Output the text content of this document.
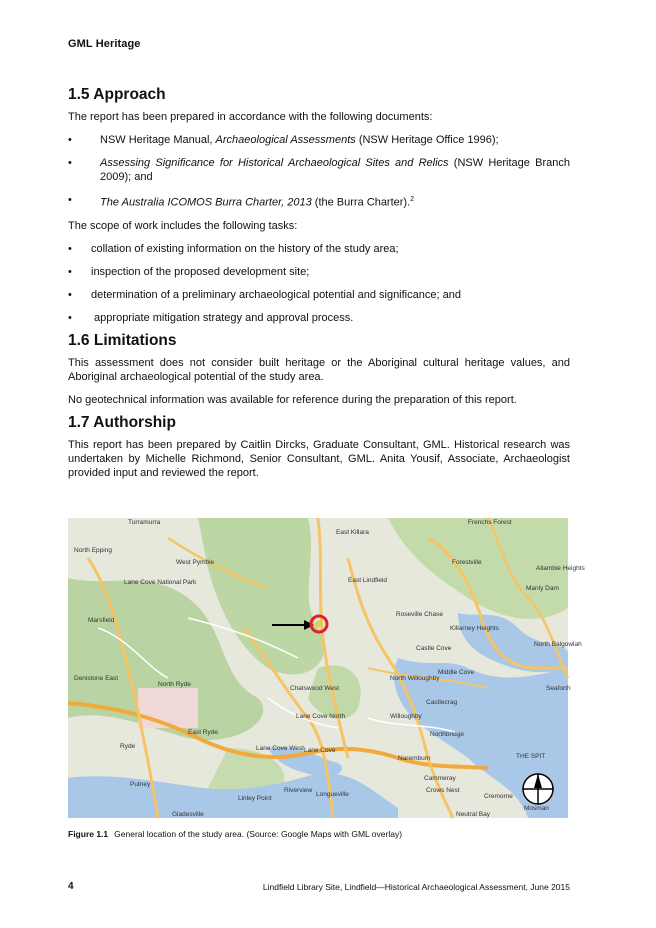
GML Heritage
1.5 Approach

The report has been prepared in accordance with the following documents:

• NSW Heritage Manual, Archaeological Assessments (NSW Heritage Office 1996);
• Assessing Significance for Historical Archaeological Sites and Relics (NSW Heritage Branch 2009); and
• The Australia ICOMOS Burra Charter, 2013 (the Burra Charter).$^2$

The scope of work includes the following tasks:

• collation of existing information on the history of the study area;
• inspection of the proposed development site;
• determination of a preliminary archaeological potential and significance; and
•  appropriate mitigation strategy and approval process.
1.6 Limitations

This assessment does not consider built heritage or the Aboriginal cultural heritage values, and Aboriginal archaeological potential of the study area.

No geotechnical information was available for reference during the preparation of this report.

1.7 Authorship

This report has been prepared by Caitlin Dircks, Graduate Consultant, GML. Historical research was undertaken by Michelle Richmond, Senior Consultant, GML. Anita Yousif, Associate, Archaeologist provided input and reviewed the report.

Turramurra
East Killara
Frenchs Forest
North Epping
West Pymble
Lane Cove National Park	East Lindfield
Forestville
Allambie Heights
Manly Dam
Marsfield
Roseville Chase
Killarney Heights
North Balgowlah
Castle Cove
Denistone East
North Ryde
Chatswood West
North Willoughby
Middle Cove
Seaforth
Castlecrag
Willoughby
Lane Cove North
East Ryde	Northbridge
Ryde	Lane Cove West Lane Cove
Naremburn	THE SPIT
Putney
Riverview
Longueville
Linley Point
Cammeray
Crows Nest
Cremorne
Gladesville	Neutral Bay
Mosman
Figure 1.1 General location of the study area. (Source: Google Maps with GML overlay)
4	Lindfield Library Site, Lindfield—Historical Archaeological Assessment, June 2015
